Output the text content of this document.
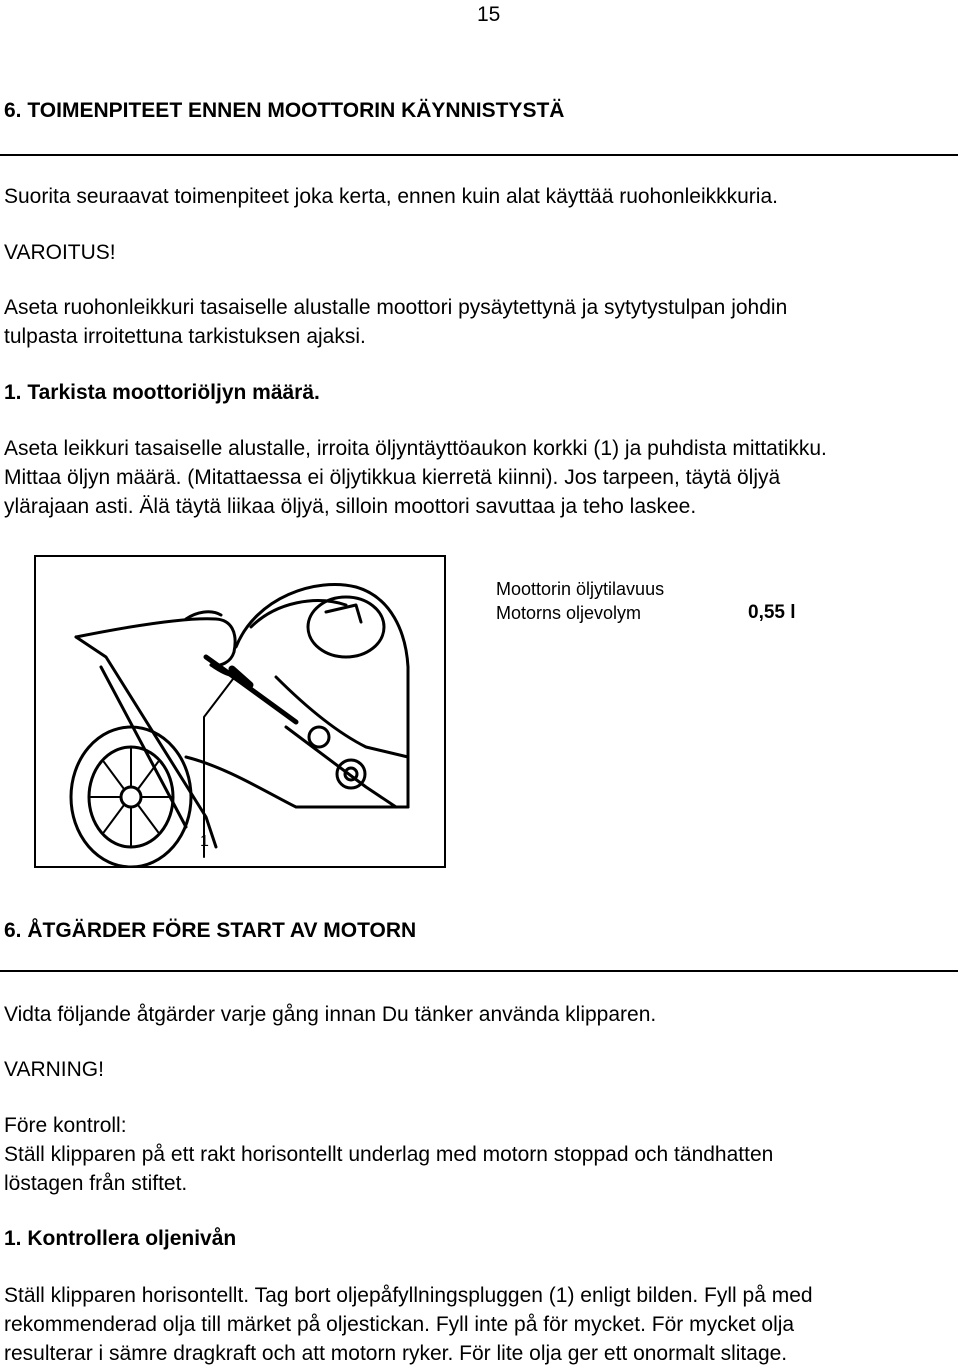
15
6. TOIMENPITEET ENNEN MOOTTORIN KÄYNNISTYSTÄ
Suorita seuraavat toimenpiteet joka kerta, ennen kuin alat käyttää ruohonleikkkuria.
VAROITUS!
Aseta ruohonleikkuri tasaiselle alustalle moottori pysäytettynä ja sytytystulpan johdin
tulpasta irroitettuna tarkistuksen ajaksi.
1. Tarkista moottoriöljyn määrä.
Aseta leikkuri tasaiselle alustalle, irroita öljyntäyttöaukon korkki (1) ja puhdista mittatikku.
Mittaa öljyn määrä. (Mitattaessa ei öljytikkua kierretä kiinni). Jos tarpeen, täytä öljyä
ylärajaan asti. Älä täytä liikaa öljyä, silloin moottori savuttaa ja teho laskee.
1
Moottorin öljytilavuus
Motorns oljevolym	0,55 l
6. ÅTGÄRDER FÖRE START AV MOTORN
Vidta följande åtgärder varje gång innan Du tänker använda klipparen.
VARNING!
Före kontroll:
Ställ klipparen på ett rakt horisontellt underlag med motorn stoppad och tändhatten
löstagen från stiftet.
1. Kontrollera oljenivån
Ställ klipparen horisontellt. Tag bort oljepåfyllningspluggen (1) enligt bilden. Fyll på med
rekommenderad olja till märket på oljestickan. Fyll inte på för mycket. För mycket olja
resulterar i sämre dragkraft och att motorn ryker. För lite olja ger ett onormalt slitage.
